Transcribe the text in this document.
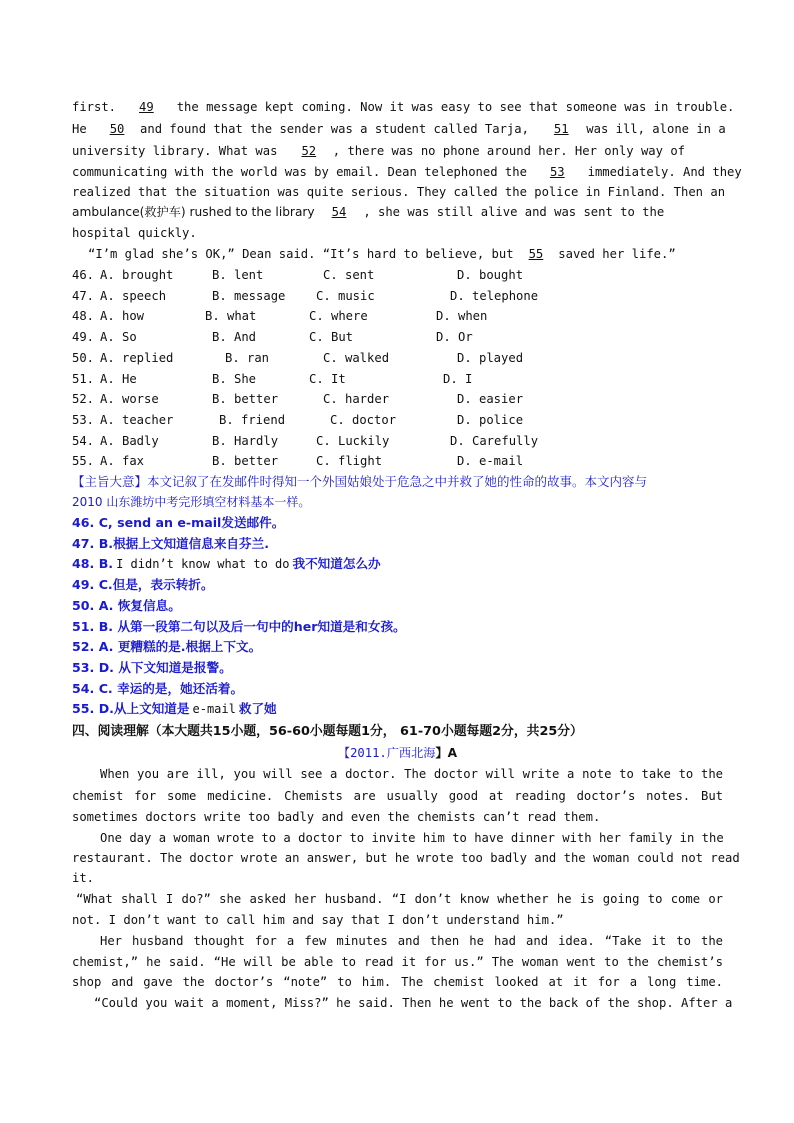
first. 49 the message kept coming. Now it was easy to see that someone was in trouble.
He 50 and found that the sender was a student called Tarja, 51 was ill, alone in a
university library. What was 52 , there was no phone around her. Her only way of
communicating with the world was by email. Dean telephoned the 53 immediately. And they
realized that the situation was quite serious. They called the police in Finland. Then an
ambulance(救护车) rushed to the library 54 , she was still alive and was sent to the
hospital quickly.
“I’m glad she’s OK,” Dean said. “It’s hard to believe, but 55 saved her life.”
46. A. brought	B. lent	C. sent	D. bought
47. A. speech	B. message	C. music	D. telephone
48. A. how	B. what	C. where	D. when
49. A. So	B. And	C. But	D. Or
50. A. replied	B. ran	C. walked	D. played
51. A. He	B. She	C. It	D. I
52. A. worse	B. better	C. harder	D. easier
53. A. teacher	B. friend	C. doctor	D. police
54. A. Badly	B. Hardly	C. Luckily	D. Carefully
55. A. fax	B. better	C. flight	D. e-mail
【主旨大意】本文记叙了在发邮件时得知一个外国姑娘处于危急之中并救了她的性命的故事。本文内容与
2010 山东潍坊中考完形填空材料基本一样。
46. C, send an e-mail发送邮件。
47. B.根据上文知道信息来自芬兰.
48. B. I didn’t know what to do 我不知道怎么办
49. C.但是，表示转折。
50. A. 恢复信息。
51. B. 从第一段第二句以及后一句中的her知道是和女孩。
52. A. 更糟糕的是.根据上下文。
53. D. 从下文知道是报警。
54. C. 幸运的是，她还活着。
55. D.从上文知道是 e-mail 救了她
四、阅读理解（本大题共15小题，56-60小题每题1分， 61-70小题每题2分，共25分）
【2011.广西北海】A
When you are ill, you will see a doctor. The doctor will write a note to take to the
chemist for some medicine. Chemists are usually good at reading doctor’s notes. But
sometimes doctors write too badly and even the chemists can’t read them.
One day a woman wrote to a doctor to invite him to have dinner with her family in the
restaurant. The doctor wrote an answer, but he wrote too badly and the woman could not read
it.
“What shall I do?” she asked her husband. “I don’t know whether he is going to come or
not. I don’t want to call him and say that I don’t understand him.”
Her husband thought for a few minutes and then he had and idea. “Take it to the
chemist,” he said. “He will be able to read it for us.” The woman went to the chemist’s
shop and gave the doctor’s “note” to him. The chemist looked at it for a long time.
“Could you wait a moment, Miss?” he said. Then he went to the back of the shop. After a
